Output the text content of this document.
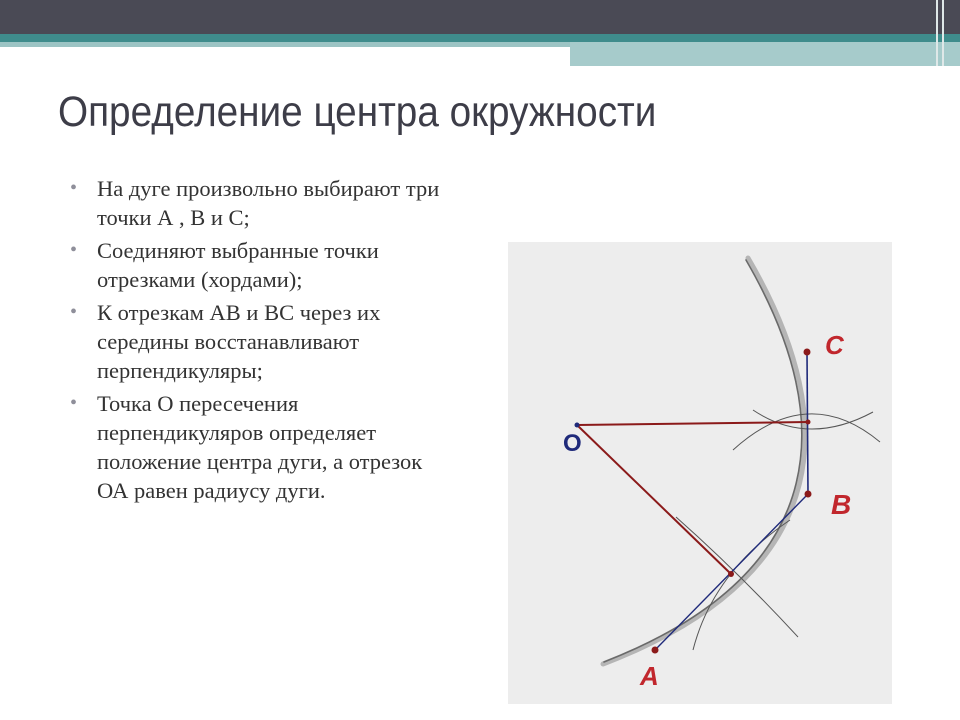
Определение центра окружности
• На дуге произвольно выбирают три точки А , В и С;
• Соединяют выбранные точки отрезками (хордами);
• К отрезкам АВ и ВС через их середины восстанавливают перпендикуляры;
• Точка О пересечения перпендикуляров определяет положение центра дуги, а отрезок ОА равен радиусу дуги.
O
C
B
A
